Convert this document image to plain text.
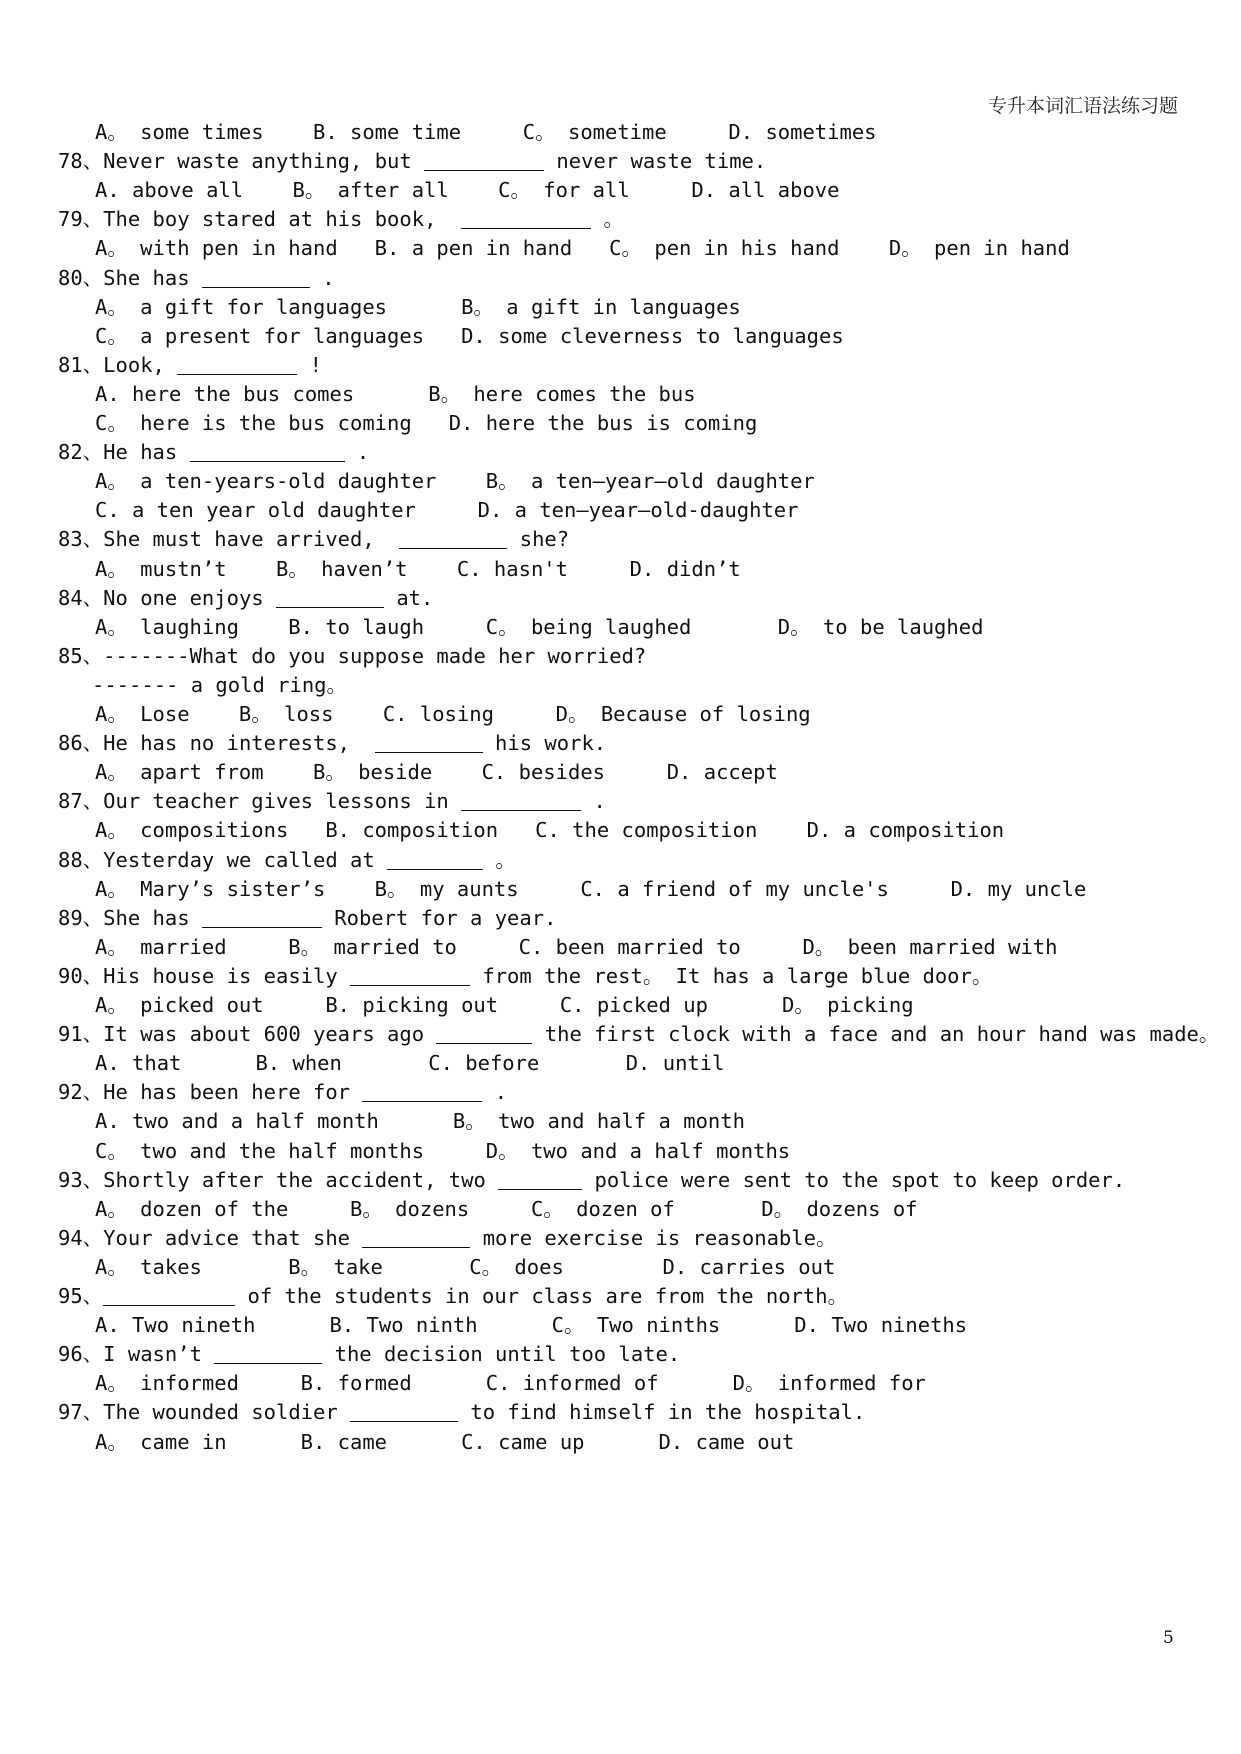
专升本词汇语法练习题
A。 some times    B. some time     C。 sometime     D. sometimes
78、Never waste anything, but	never waste time.
A. above all    B。 after all    C。 for all     D. all above
79、The boy stared at his book,	。
A。 with pen in hand   B. a pen in hand   C。 pen in his hand    D。 pen in hand
80、She has	.
A。 a gift for languages      B。 a gift in languages
C。 a present for languages   D. some cleverness to languages
81、Look,	!
A. here the bus comes      B。 here comes the bus
C。 here is the bus coming   D. here the bus is coming
82、He has	.
A。 a ten-years-old daughter    B。 a ten—year—old daughter
C. a ten year old daughter     D. a ten—year—old-daughter
83、She must have arrived,	she?
A。 mustn’t    B。 haven’t    C. hasn't     D. didn’t
84、No one enjoys	at.
A。 laughing    B. to laugh     C。 being laughed       D。 to be laughed
85、-------What do you suppose made her worried?
------- a gold ring。
A。 Lose    B。 loss    C. losing     D。 Because of losing
86、He has no interests,	his work.
A。 apart from    B。 beside    C. besides     D. accept
87、Our teacher gives lessons in	.
A。 compositions   B. composition   C. the composition    D. a composition
88、Yesterday we called at	。
A。 Mary’s sister’s    B。 my aunts     C. a friend of my uncle's     D. my uncle
89、She has	Robert for a year.
A。 married     B。 married to     C. been married to     D。 been married with
90、His house is easily	from the rest。 It has a large blue door。
A。 picked out     B. picking out     C. picked up      D。 picking
91、It was about 600 years ago	the first clock with a face and an hour hand was made。
A. that      B. when       C. before       D. until
92、He has been here for	.
A. two and a half month      B。 two and half a month
C。 two and the half months     D。 two and a half months
93、Shortly after the accident, two	police were sent to the spot to keep order.
A。 dozen of the     B。 dozens     C。 dozen of       D。 dozens of
94、Your advice that she	more exercise is reasonable。
A。 takes       B。 take       C。 does        D. carries out
95、	of the students in our class are from the north。
A. Two nineth      B. Two ninth      C。 Two ninths      D. Two nineths
96、I wasn’t	the decision until too late.
A。 informed     B. formed      C. informed of      D。 informed for
97、The wounded soldier	to find himself in the hospital.
A。 came in      B. came      C. came up      D. came out
5
